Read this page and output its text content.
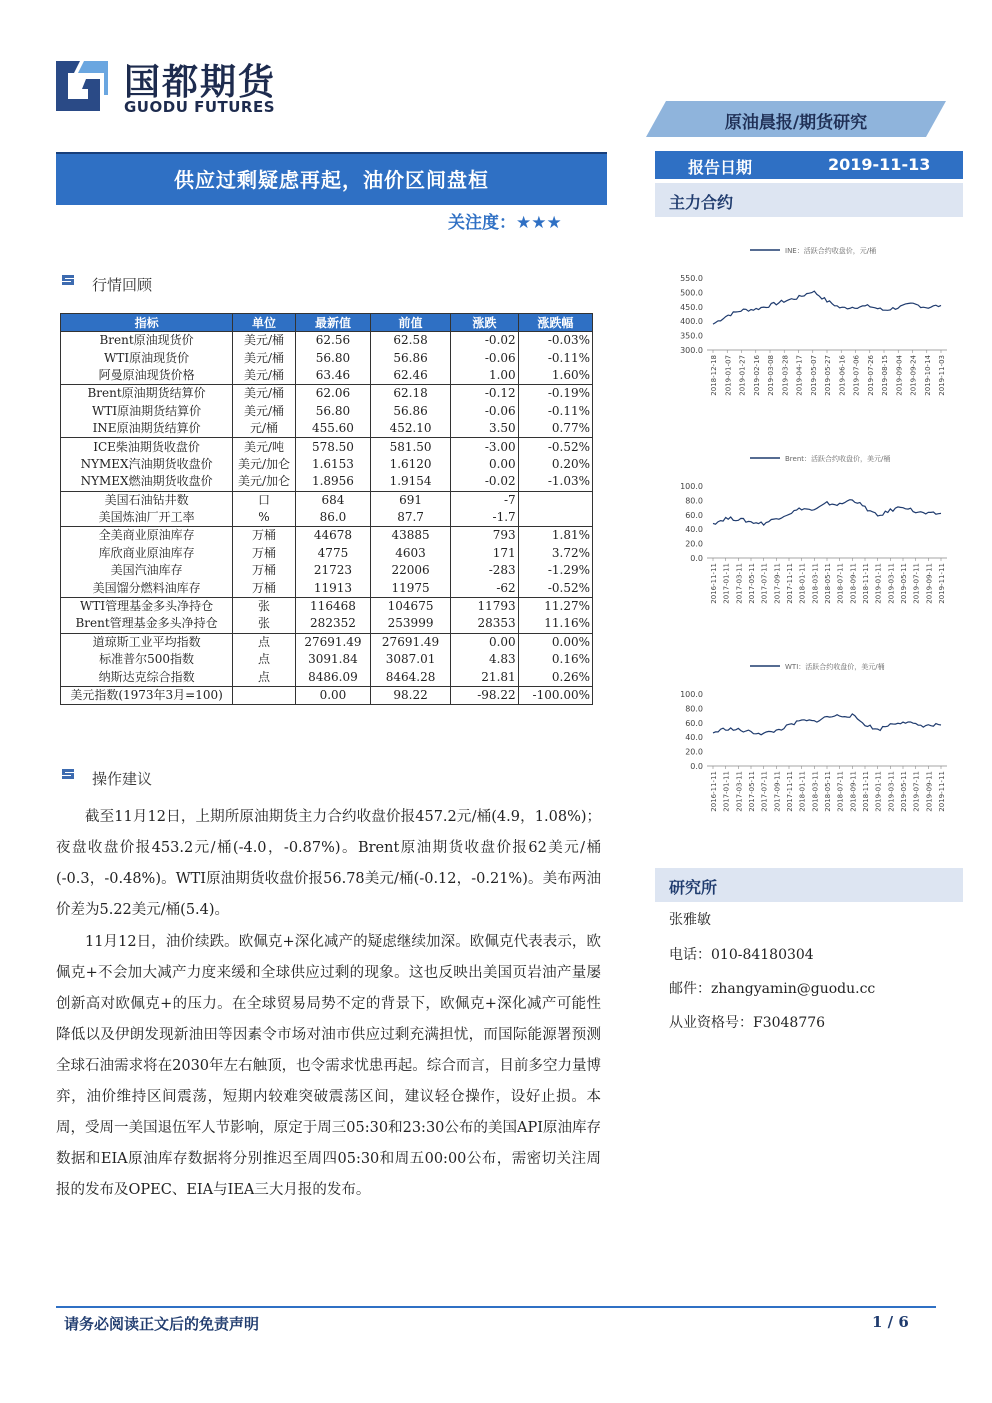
国都期货
GUODU FUTURES
原油晨报/期货研究
供应过剩疑虑再起，油价区间盘桓
关注度：★★★
报告日期	2019-11-13
主力合约
行情回顾
指标	单位	最新值	前值	涨跌	涨跌幅
Brent原油现货价	美元/桶	62.56	62.58	-0.02	-0.03%
WTI原油现货价	美元/桶	56.80	56.86	-0.06	-0.11%
阿曼原油现货价格	美元/桶	63.46	62.46	1.00	1.60%
Brent原油期货结算价	美元/桶	62.06	62.18	-0.12	-0.19%
WTI原油期货结算价	美元/桶	56.80	56.86	-0.06	-0.11%
INE原油期货结算价	元/桶	455.60	452.10	3.50	0.77%
ICE柴油期货收盘价	美元/吨	578.50	581.50	-3.00	-0.52%
NYMEX汽油期货收盘价	美元/加仑	1.6153	1.6120	0.00	0.20%
NYMEX燃油期货收盘价	美元/加仑	1.8956	1.9154	-0.02	-1.03%
美国石油钻井数	口	684	691	-7	
美国炼油厂开工率	%	86.0	87.7	-1.7	
全美商业原油库存	万桶	44678	43885	793	1.81%
库欣商业原油库存	万桶	4775	4603	171	3.72%
美国汽油库存	万桶	21723	22006	-283	-1.29%
美国馏分燃料油库存	万桶	11913	11975	-62	-0.52%
WTI管理基金多头净持仓	张	116468	104675	11793	11.27%
Brent管理基金多头净持仓	张	282352	253999	28353	11.16%
道琼斯工业平均指数	点	27691.49	27691.49	0.00	0.00%
标准普尔500指数	点	3091.84	3087.01	4.83	0.16%
纳斯达克综合指数	点	8486.09	8464.28	21.81	0.26%
美元指数(1973年3月=100)		0.00	98.22	-98.22	-100.00%
操作建议

截至11月12日，上期所原油期货主力合约收盘价报457.2元/桶(4.9，1.08%)；夜盘收盘价报453.2元/桶(-4.0，-0.87%)。Brent原油期货收盘价报62美元/桶(-0.3，-0.48%)。WTI原油期货收盘价报56.78美元/桶(-0.12，-0.21%)。美布两油价差为5.22美元/桶(5.4)。

11月12日，油价续跌。欧佩克+深化减产的疑虑继续加深。欧佩克代表表示，欧佩克+不会加大减产力度来缓和全球供应过剩的现象。这也反映出美国页岩油产量屡创新高对欧佩克+的压力。在全球贸易局势不定的背景下，欧佩克+深化减产可能性降低以及伊朗发现新油田等因素令市场对油市供应过剩充满担忧，而国际能源署预测全球石油需求将在2030年左右触顶，也令需求忧患再起。综合而言，目前多空力量博弈，油价维持区间震荡，短期内较难突破震荡区间，建议轻仓操作，设好止损。本周，受周一美国退伍军人节影响，原定于周三05:30和23:30公布的美国API原油库存数据和EIA原油库存数据将分别推迟至周四05:30和周五00:00公布，需密切关注周报的发布及OPEC、EIA与IEA三大月报的发布。

INE：活跃合约收盘价，元/桶
550.0
500.0
450.0
400.0
350.0
300.0
2018-12-18 2019-01-07 2019-01-27 2019-02-16 2019-03-08 2019-03-28 2019-04-17 2019-05-07 2019-05-27 2019-06-16 2019-07-06 2019-07-26 2019-08-15 2019-09-04 2019-09-24 2019-10-14 2019-11-03
Brent：活跃合约收盘价，美元/桶
100.0
80.0
60.0
40.0
20.0
0.0
2016-11-11 2017-01-11 2017-03-11 2017-05-11 2017-07-11 2017-09-11 2017-11-11 2018-01-11 2018-03-11 2018-05-11 2018-07-11 2018-09-11 2018-11-11 2019-01-11 2019-03-11 2019-05-11 2019-07-11 2019-09-11 2019-11-11
WTI：活跃合约收盘价，美元/桶
100.0
80.0
60.0
40.0
20.0
0.0
2016-11-11 2017-01-11 2017-03-11 2017-05-11 2017-07-11 2017-09-11 2017-11-11 2018-01-11 2018-03-11 2018-05-11 2018-07-11 2018-09-11 2018-11-11 2019-01-11 2019-03-11 2019-05-11 2019-07-11 2019-09-11 2019-11-11
研究所
张雅敏
电话：010-84180304
邮件：zhangyamin@guodu.cc
从业资格号：F3048776
请务必阅读正文后的免责声明	1 / 6
